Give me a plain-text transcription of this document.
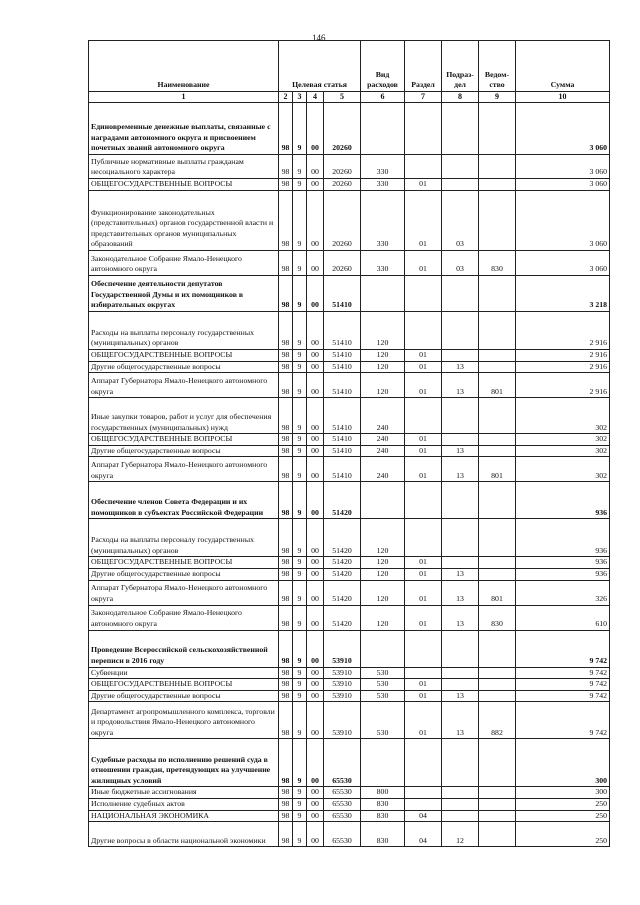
146
Наименование	Целевая статья				Вид расходов	Раздел	Подраз-дел	Ведом-ство	Сумма
1	2	3	4	5	6	7	8	9	10
Единовременные денежные выплаты, связанные с наградами автономного округа и присвоением почетных званий автономного округа	98	9	00	20260					3 060
Публичные нормативные выплаты гражданам несоциального характера	98	9	00	20260	330				3 060
ОБЩЕГОСУДАРСТВЕННЫЕ ВОПРОСЫ	98	9	00	20260	330	01			3 060
Функционирование законодательных (представительных) органов государственной власти и представительных органов муниципальных образований	98	9	00	20260	330	01	03		3 060
Законодательное Собрание Ямало-Ненецкого автономного округа	98	9	00	20260	330	01	03	830	3 060
Обеспечение деятельности депутатов Государственной Думы и их помощников в избирательных округах	98	9	00	51410					3 218
Расходы на выплаты персоналу государственных (муниципальных) органов	98	9	00	51410	120				2 916
ОБЩЕГОСУДАРСТВЕННЫЕ ВОПРОСЫ	98	9	00	51410	120	01			2 916
Другие общегосударственные вопросы	98	9	00	51410	120	01	13		2 916
Аппарат Губернатора Ямало-Ненецкого автономного округа	98	9	00	51410	120	01	13	801	2 916
Иные закупки товаров, работ и услуг для обеспечения государственных (муниципальных) нужд	98	9	00	51410	240				302
ОБЩЕГОСУДАРСТВЕННЫЕ ВОПРОСЫ	98	9	00	51410	240	01			302
Другие общегосударственные вопросы	98	9	00	51410	240	01	13		302
Аппарат Губернатора Ямало-Ненецкого автономного округа	98	9	00	51410	240	01	13	801	302
Обеспечение членов Совета Федерации и их помощников в субъектах Российской Федерации	98	9	00	51420					936
Расходы на выплаты персоналу государственных (муниципальных) органов	98	9	00	51420	120				936
ОБЩЕГОСУДАРСТВЕННЫЕ ВОПРОСЫ	98	9	00	51420	120	01			936
Другие общегосударственные вопросы	98	9	00	51420	120	01	13		936
Аппарат Губернатора Ямало-Ненецкого автономного округа	98	9	00	51420	120	01	13	801	326
Законодательное Собрание Ямало-Ненецкого автономного округа	98	9	00	51420	120	01	13	830	610
Проведение Всероссийской сельскохозяйственной переписи в 2016 году	98	9	00	53910					9 742
Субвенции	98	9	00	53910	530				9 742
ОБЩЕГОСУДАРСТВЕННЫЕ ВОПРОСЫ	98	9	00	53910	530	01			9 742
Другие общегосударственные вопросы	98	9	00	53910	530	01	13		9 742
Департамент агропромышленного комплекса, торговли и продовольствия Ямало-Ненецкого автономного округа	98	9	00	53910	530	01	13	882	9 742
Судебные расходы по исполнению решений суда в отношении граждан, претендующих на улучшение жилищных условий	98	9	00	65530					300
Иные бюджетные ассигнования	98	9	00	65530	800				300
Исполнение судебных актов	98	9	00	65530	830				250
НАЦИОНАЛЬНАЯ ЭКОНОМИКА	98	9	00	65530	830	04			250
Другие вопросы в области национальной экономики	98	9	00	65530	830	04	12		250
